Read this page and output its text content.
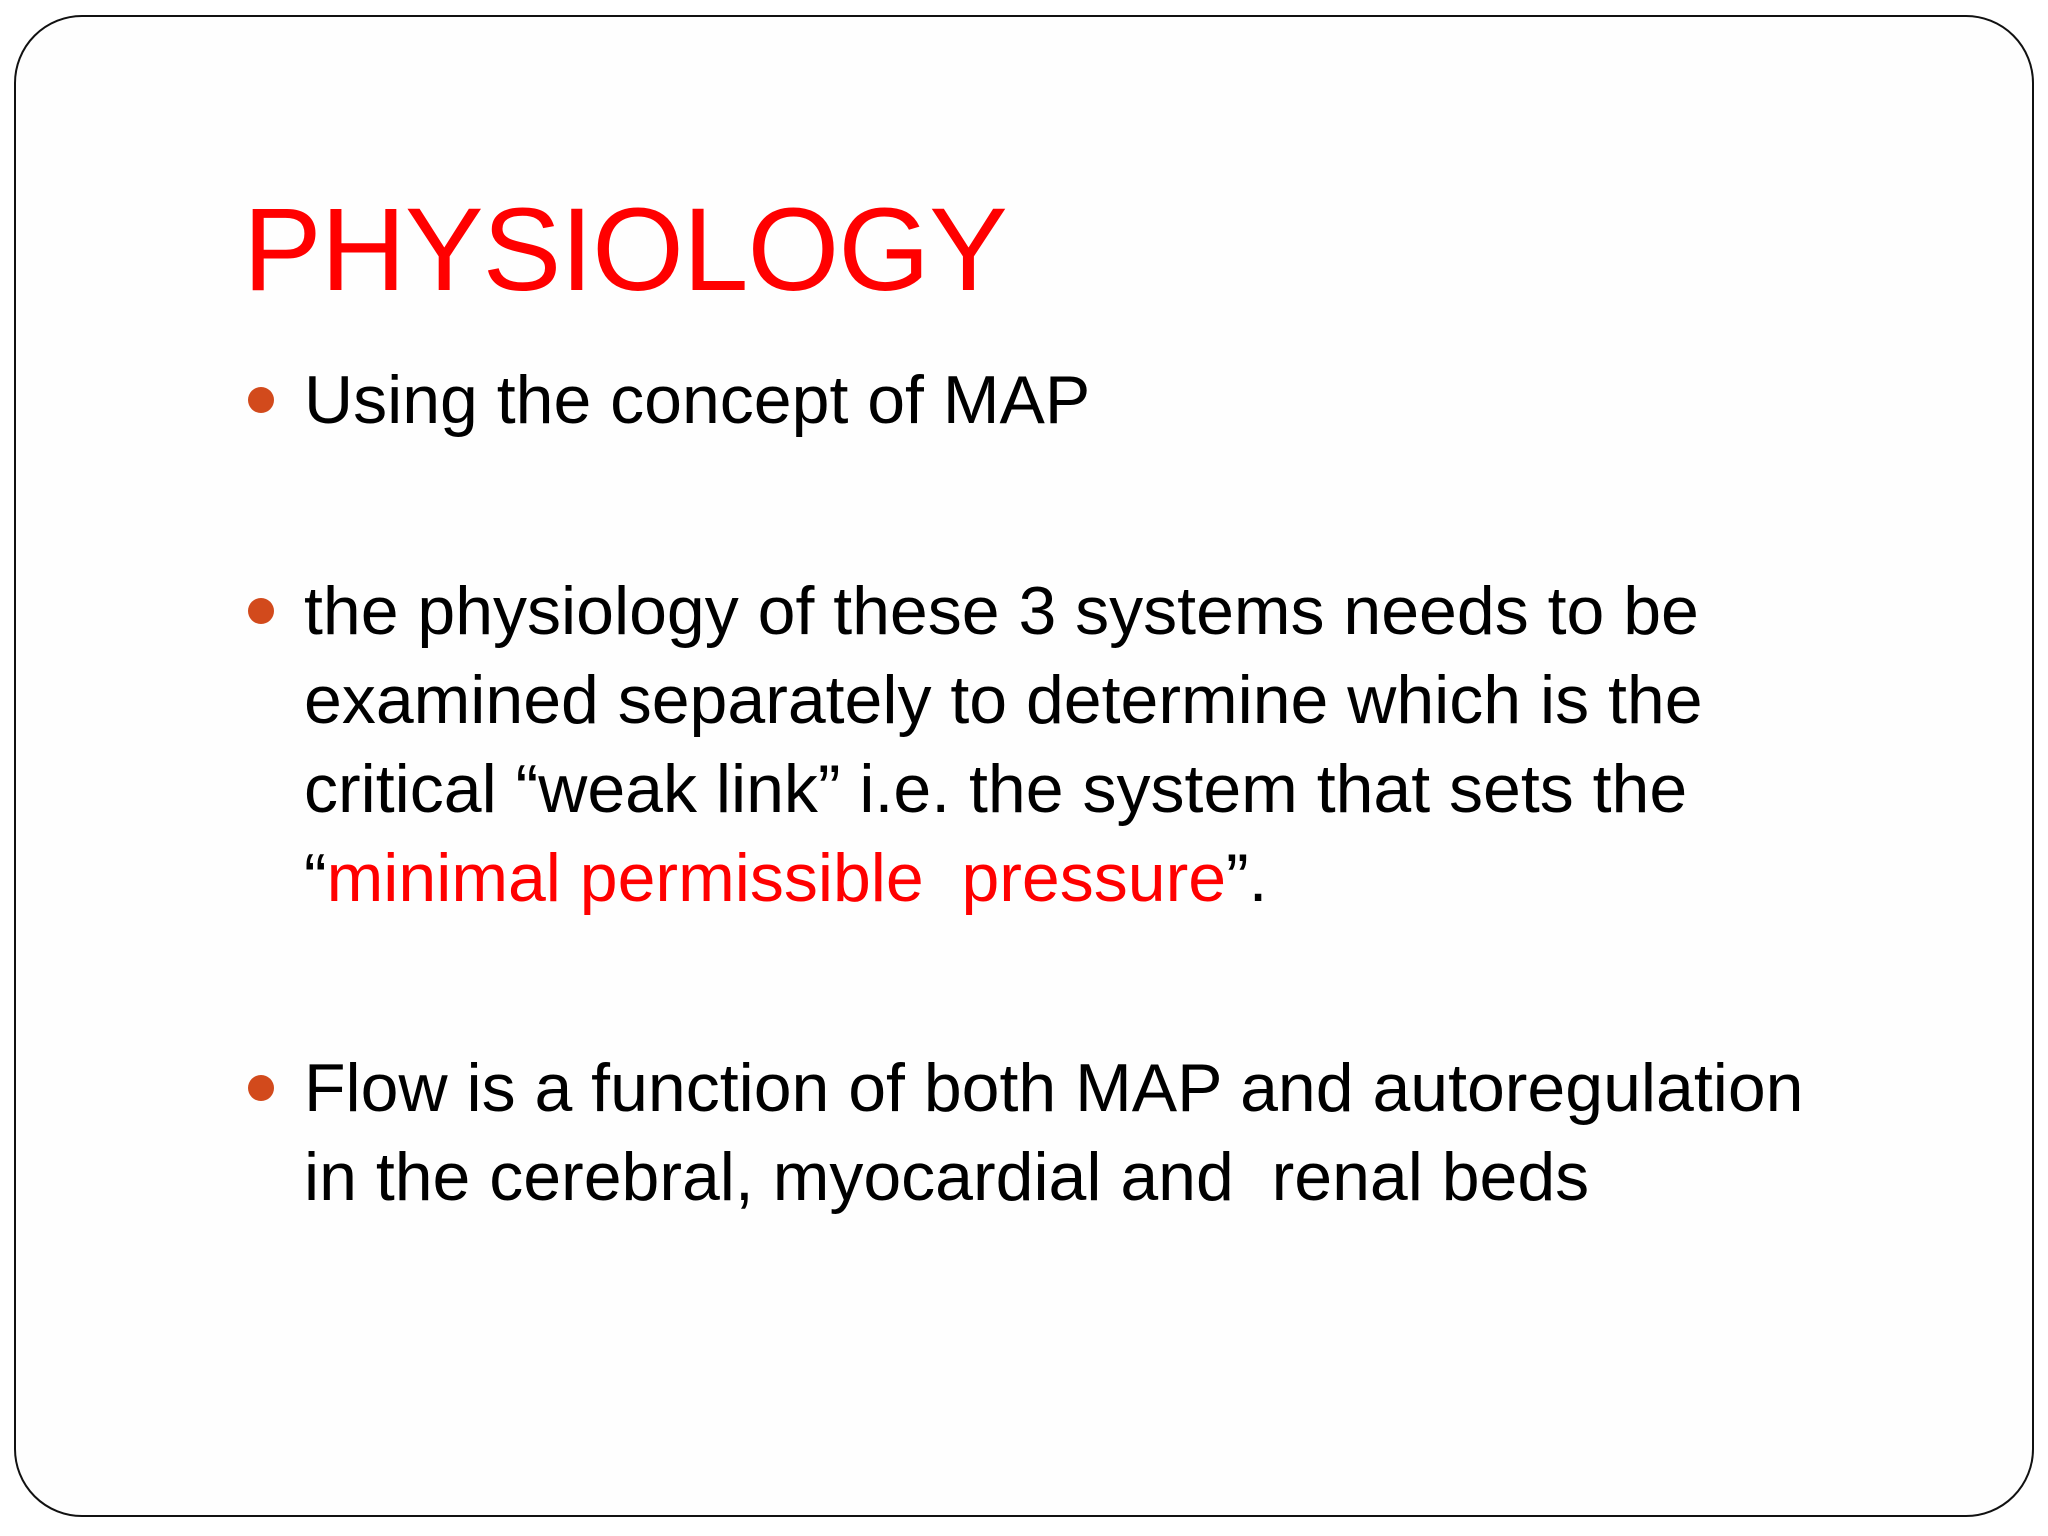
PHYSIOLOGY
Using the concept of MAP
the physiology of these 3 systems needs to be
examined separately to determine which is the
critical “weak link” i.e. the system that sets the
“minimal permissible  pressure”.
Flow is a function of both MAP and autoregulation
in the cerebral, myocardial and  renal beds
